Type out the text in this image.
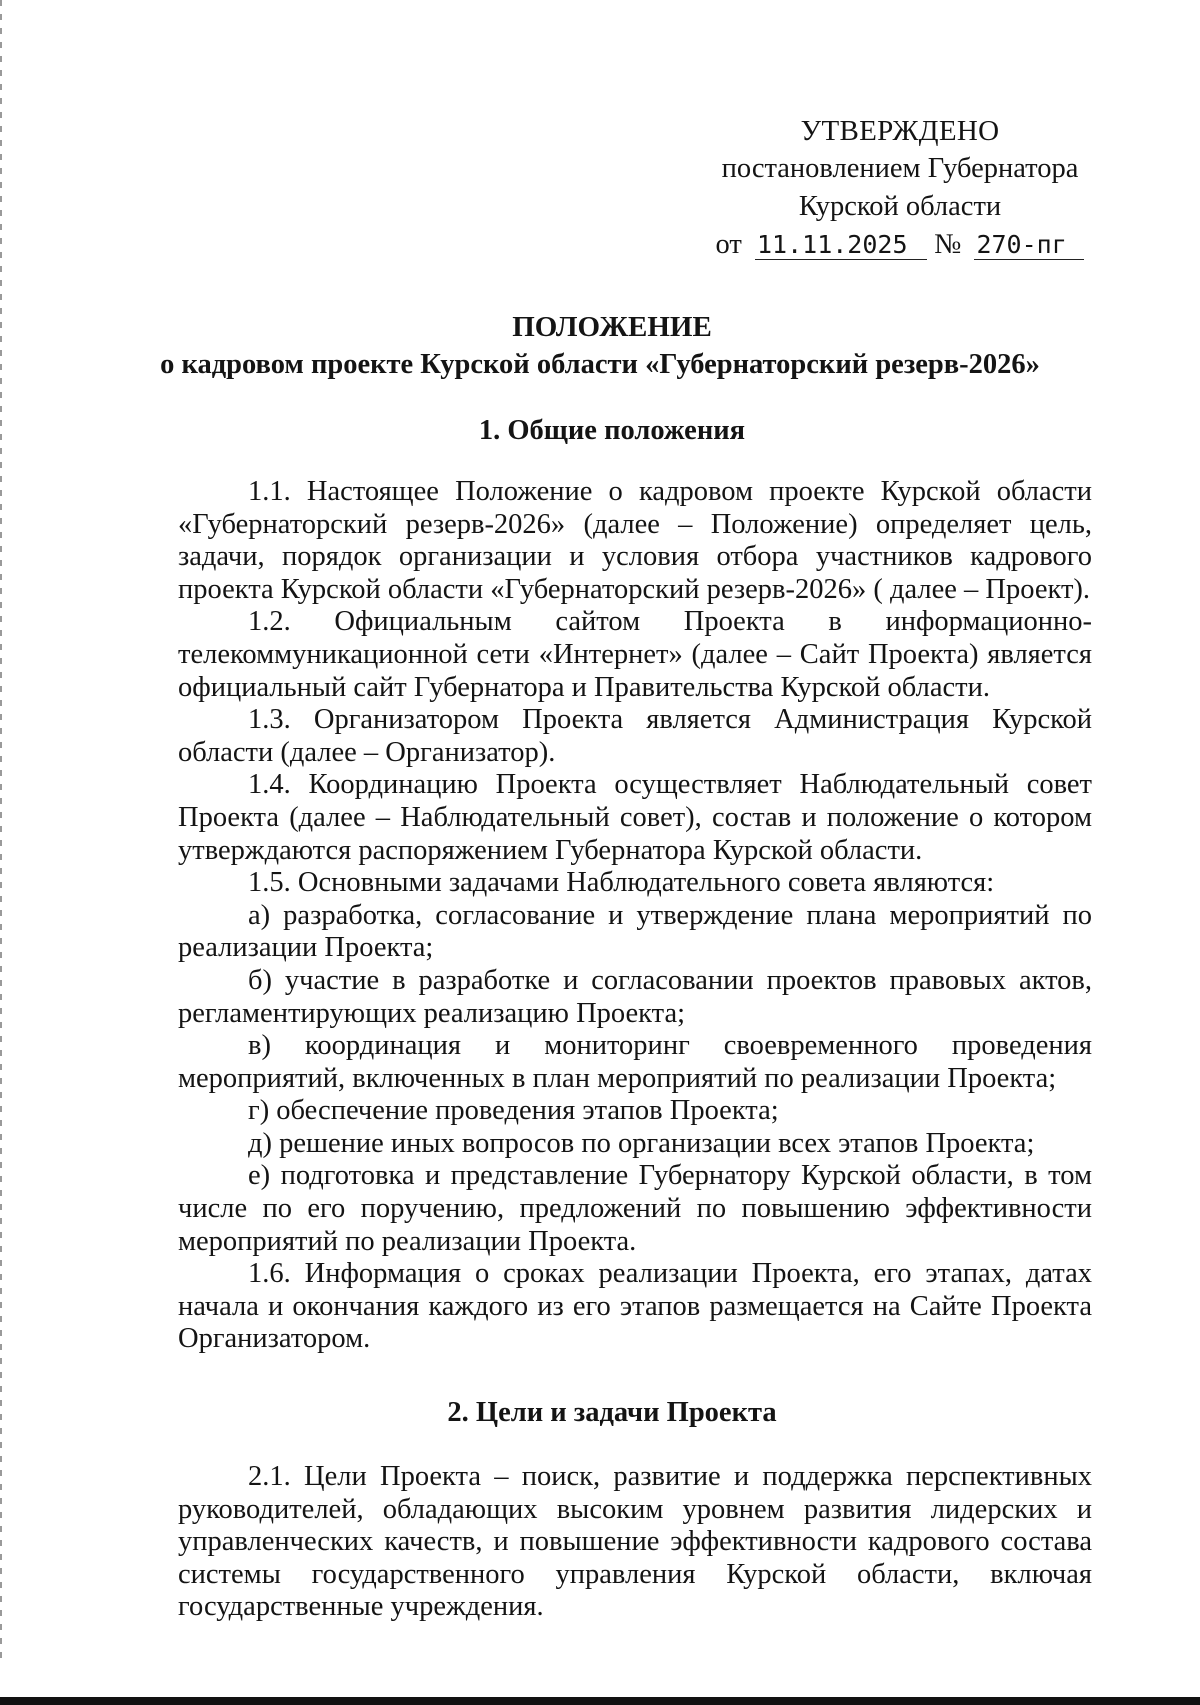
УТВЕРЖДЕНО
постановлением Губернатора
Курской области
от 11.11.2025 № 270-пг
ПОЛОЖЕНИЕ
о кадровом проекте Курской области «Губернаторский резерв-2026»
1. Общие положения

1.1. Настоящее Положение о кадровом проекте Курской области «Губернаторский резерв-2026» (далее – Положение) определяет цель, задачи, порядок организации и условия отбора участников кадрового проекта Курской области «Губернаторский резерв-2026» ( далее – Проект).

1.2. Официальным сайтом Проекта в информационно-телекоммуникационной сети «Интернет» (далее – Сайт Проекта) является официальный сайт Губернатора и Правительства Курской области.

1.3. Организатором Проекта является Администрация Курской области (далее – Организатор).

1.4. Координацию Проекта осуществляет Наблюдательный совет Проекта (далее – Наблюдательный совет), состав и положение о котором утверждаются распоряжением Губернатора Курской области.

1.5. Основными задачами Наблюдательного совета являются:

а) разработка, согласование и утверждение плана мероприятий по реализации Проекта;

б) участие в разработке и согласовании проектов правовых актов, регламентирующих реализацию Проекта;

в) координация и мониторинг своевременного проведения мероприятий, включенных в план мероприятий по реализации Проекта;

г) обеспечение проведения этапов Проекта;

д) решение иных вопросов по организации всех этапов Проекта;

е) подготовка и представление Губернатору Курской области, в том числе по его поручению, предложений по повышению эффективности мероприятий по реализации Проекта.

1.6. Информация о сроках реализации Проекта, его этапах, датах начала и окончания каждого из его этапов размещается на Сайте Проекта Организатором.

2. Цели и задачи Проекта

2.1. Цели Проекта – поиск, развитие и поддержка перспективных руководителей, обладающих высоким уровнем развития лидерских и управленческих качеств, и повышение эффективности кадрового состава системы государственного управления Курской области, включая государственные учреждения.
